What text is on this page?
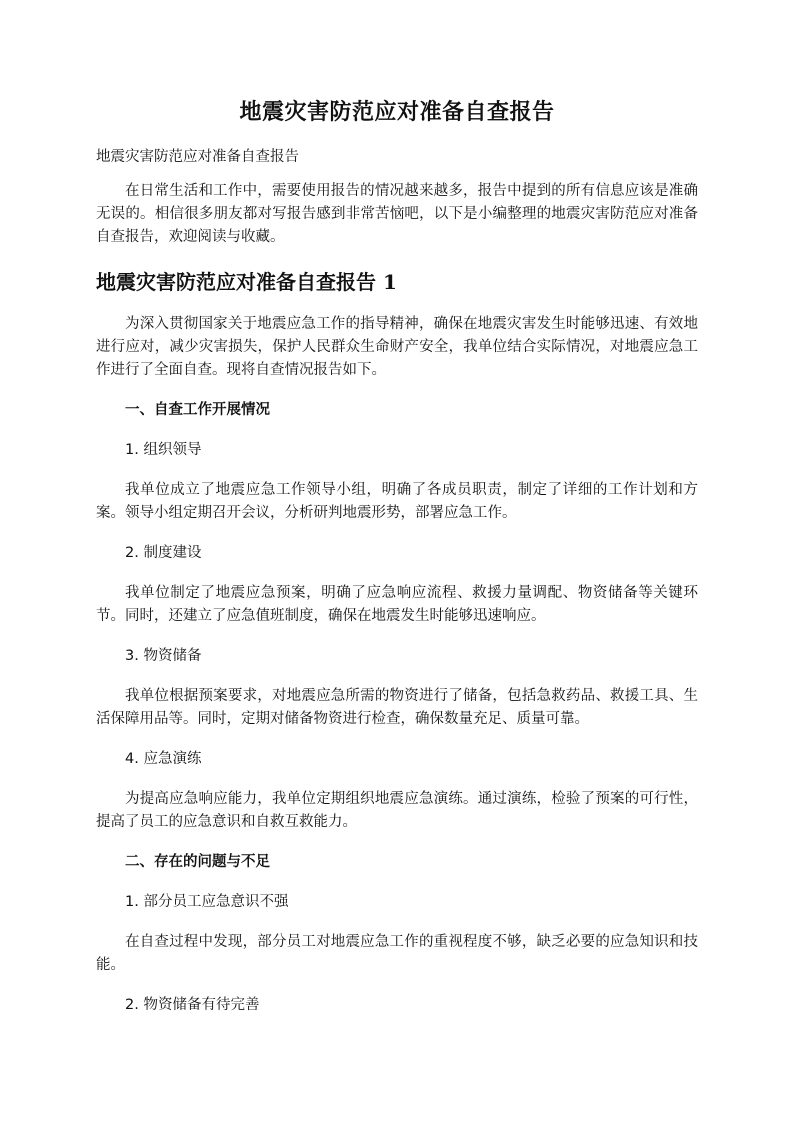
地震灾害防范应对准备自查报告
地震灾害防范应对准备自查报告

在日常生活和工作中，需要使用报告的情况越来越多，报告中提到的所有信息应该是准确无误的。相信很多朋友都对写报告感到非常苦恼吧，以下是小编整理的地震灾害防范应对准备自查报告，欢迎阅读与收藏。

地震灾害防范应对准备自查报告 1

为深入贯彻国家关于地震应急工作的指导精神，确保在地震灾害发生时能够迅速、有效地进行应对，减少灾害损失，保护人民群众生命财产安全，我单位结合实际情况，对地震应急工作进行了全面自查。现将自查情况报告如下。

一、自查工作开展情况

1. 组织领导

我单位成立了地震应急工作领导小组，明确了各成员职责，制定了详细的工作计划和方案。领导小组定期召开会议，分析研判地震形势，部署应急工作。

2. 制度建设

我单位制定了地震应急预案，明确了应急响应流程、救援力量调配、物资储备等关键环节。同时，还建立了应急值班制度，确保在地震发生时能够迅速响应。

3. 物资储备

我单位根据预案要求，对地震应急所需的物资进行了储备，包括急救药品、救援工具、生活保障用品等。同时，定期对储备物资进行检查，确保数量充足、质量可靠。

4. 应急演练

为提高应急响应能力，我单位定期组织地震应急演练。通过演练，检验了预案的可行性，提高了员工的应急意识和自救互救能力。

二、存在的问题与不足

1. 部分员工应急意识不强

在自查过程中发现，部分员工对地震应急工作的重视程度不够，缺乏必要的应急知识和技能。

2. 物资储备有待完善
